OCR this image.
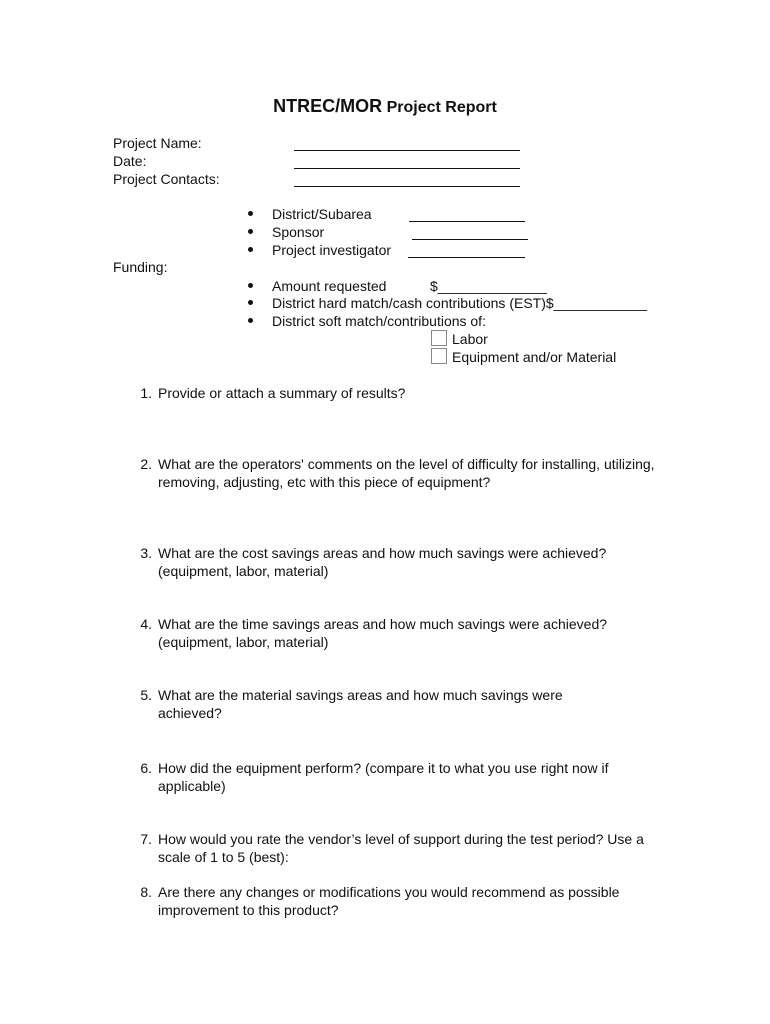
NTREC/MOR Project Report
Project Name:
Date:
Project Contacts:
District/Subarea
Sponsor
Project investigator
Funding:
Amount requested	$______________
District hard match/cash contributions (EST)$____________
District soft match/contributions of:
Labor
Equipment and/or Material
1. Provide or attach a summary of results?
2. What are the operators' comments on the level of difficulty for installing, utilizing, removing, adjusting, etc with this piece of equipment?
3. What are the cost savings areas and how much savings were achieved? (equipment, labor, material)
4. What are the time savings areas and how much savings were achieved? (equipment, labor, material)
5. What are the material savings areas and how much savings were achieved?
6. How did the equipment perform? (compare it to what you use right now if applicable)
7. How would you rate the vendor’s level of support during the test period? Use a scale of 1 to 5 (best):
8. Are there any changes or modifications you would recommend as possible improvement to this product?
